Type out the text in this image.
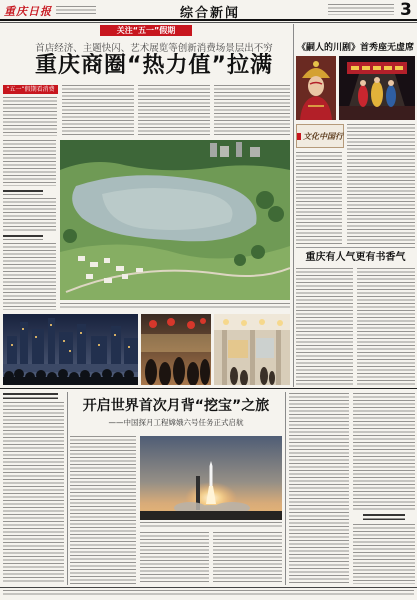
重庆日报	综合新闻	3
关注“五一”假期
首店经济、主题快闪、艺术展览等创新消费场景层出不穷
重庆商圈“热力值”拉满
“五一”假期看消费
《嗣人的川剧》首秀座无虚席
文化中国行
重庆有人气更有书香气
开启世界首次月背“挖宝”之旅
——中国探月工程嫦娥六号任务正式启航
